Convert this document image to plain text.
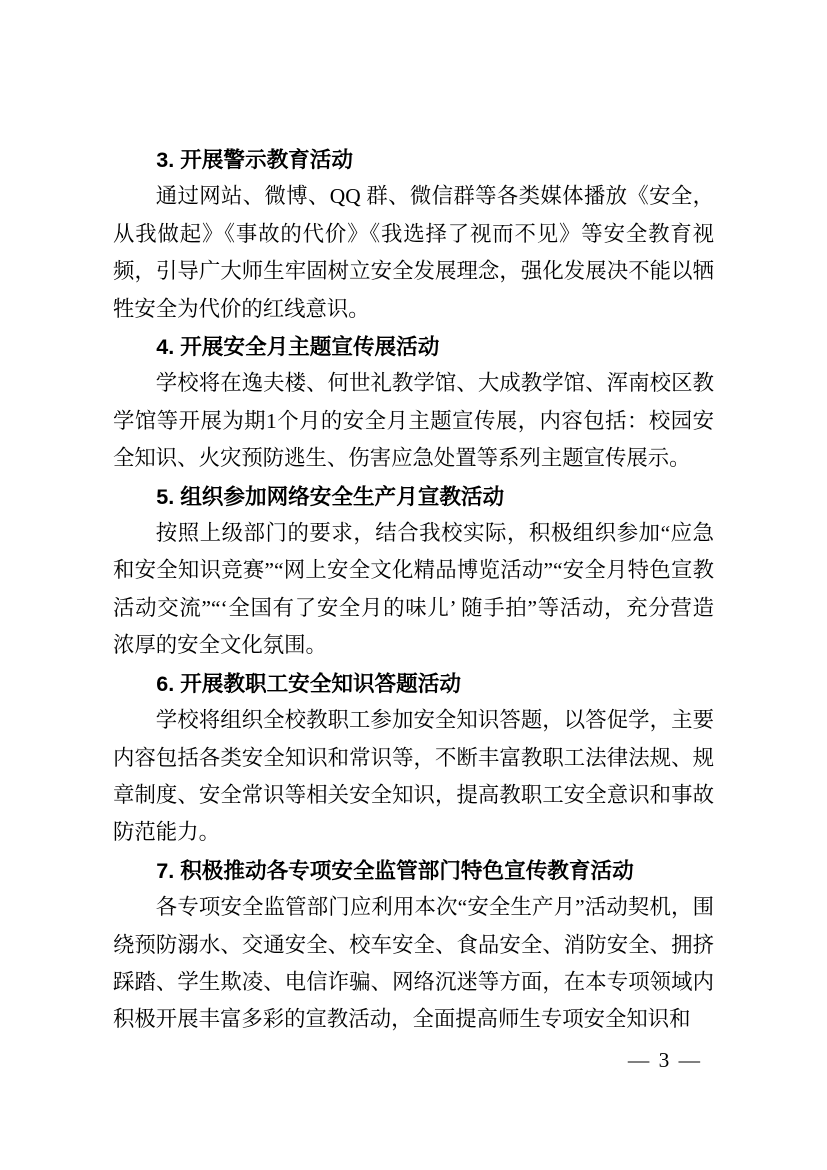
3. 开展警示教育活动

通过网站、微博、QQ 群、微信群等各类媒体播放《安全，从我做起》《事故的代价》《我选择了视而不见》等安全教育视频，引导广大师生牢固树立安全发展理念，强化发展决不能以牺牲安全为代价的红线意识。

4. 开展安全月主题宣传展活动

学校将在逸夫楼、何世礼教学馆、大成教学馆、浑南校区教学馆等开展为期1个月的安全月主题宣传展，内容包括：校园安全知识、火灾预防逃生、伤害应急处置等系列主题宣传展示。

5. 组织参加网络安全生产月宣教活动

按照上级部门的要求，结合我校实际，积极组织参加“应急和安全知识竞赛”“网上安全文化精品博览活动”“安全月特色宣教活动交流”“‘全国有了安全月的味儿’ 随手拍”等活动，充分营造浓厚的安全文化氛围。

6. 开展教职工安全知识答题活动

学校将组织全校教职工参加安全知识答题，以答促学，主要内容包括各类安全知识和常识等，不断丰富教职工法律法规、规章制度、安全常识等相关安全知识，提高教职工安全意识和事故防范能力。

7. 积极推动各专项安全监管部门特色宣传教育活动

各专项安全监管部门应利用本次“安全生产月”活动契机，围绕预防溺水、交通安全、校车安全、食品安全、消防安全、拥挤踩踏、学生欺凌、电信诈骗、网络沉迷等方面，在本专项领域内积极开展丰富多彩的宣教活动，全面提高师生专项安全知识和

— 3 —
